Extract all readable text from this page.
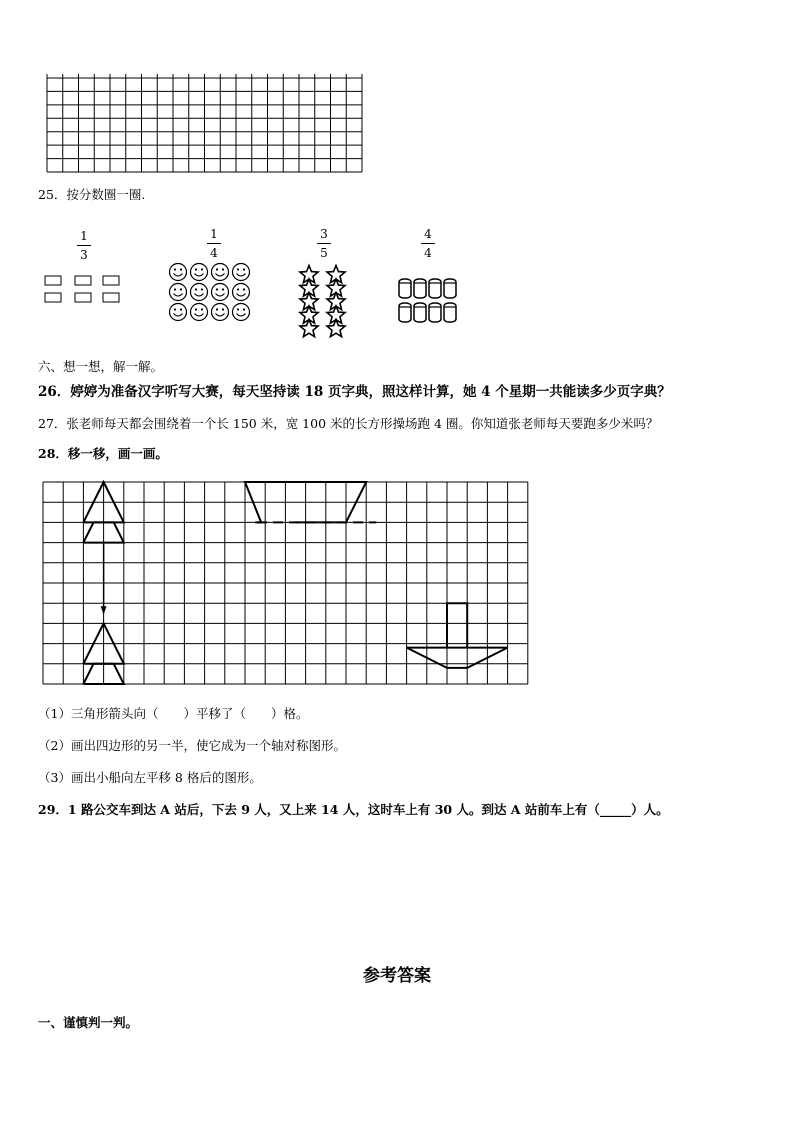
25．按分数圈一圈.
1
3
1
4
3
5
4
4
六、想一想，解一解。
26．婷婷为准备汉字听写大赛，每天坚持读 18 页字典，照这样计算，她 4 个星期一共能读多少页字典？
27．张老师每天都会围绕着一个长 150 米，宽 100 米的长方形操场跑 4 圈。你知道张老师每天要跑多少米吗？
28．移一移，画一画。
（1）三角形箭头向（　　）平移了（　　）格。
（2）画出四边形的另一半，使它成为一个轴对称图形。
（3）画出小船向左平移 8 格后的图形。
29．1 路公交车到达 A 站后，下去 9 人，又上来 14 人，这时车上有 30 人。到达 A 站前车上有（_____）人。
参考答案
一、谨慎判一判。
